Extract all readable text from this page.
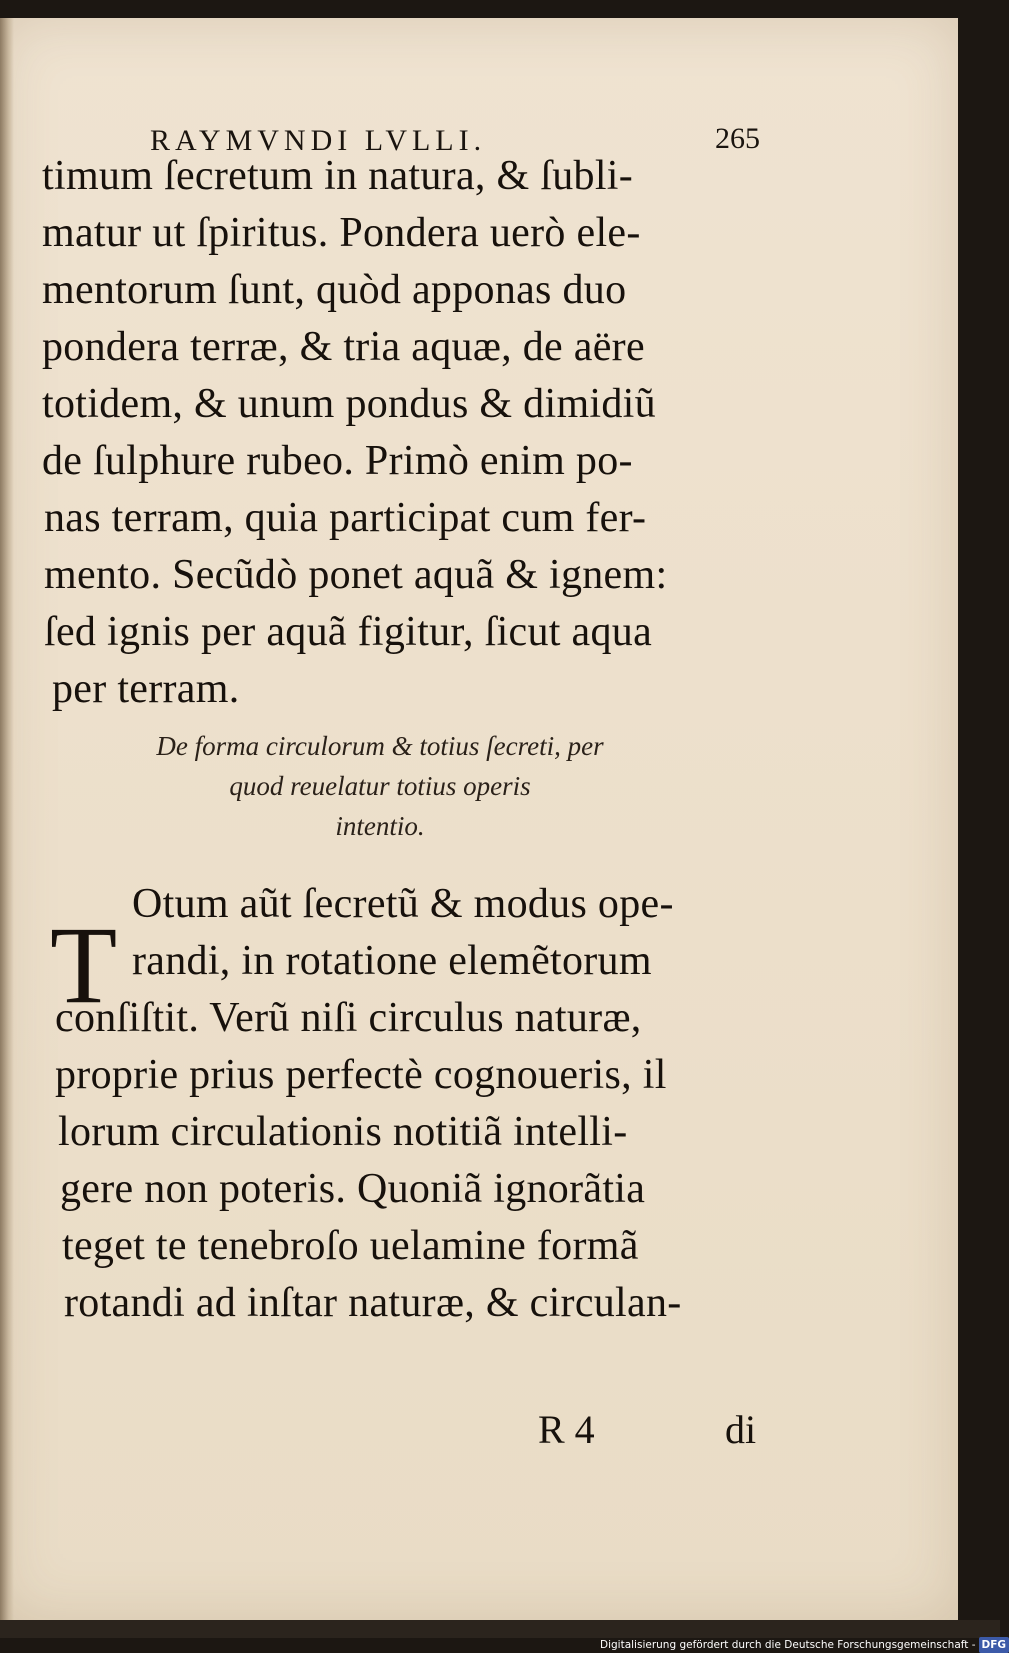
RAYMVNDI LVLLI.	265
timum ſecretum in natura, & ſubli-
matur ut ſpiritus. Pondera uerò ele-
mentorum ſunt, quòd apponas duo
pondera terræ, & tria aquæ, de aëre
totidem, & unum pondus & dimidiũ
de ſulphure rubeo. Primò enim po-
nas terram, quia participat cum fer-
mento. Secũdò ponet aquã & ignem:
ſed ignis per aquã figitur, ſicut aqua
per terram.
De forma circulorum & totius ſecreti, per
quod reuelatur totius operis
intentio.
T Otum aũt ſecretũ & modus ope-
randi, in rotatione elemẽtorum
conſiſtit. Verũ niſi circulus naturæ,
proprie prius perfectè cognoueris, il
lorum circulationis notitiã intelli-
gere non poteris. Quoniã ignorãtia
teget te tenebroſo uelamine formã
rotandi ad inſtar naturæ, & circulan-
R 4	di
Digitalisierung gefördert durch die Deutsche Forschungsgemeinschaft - DFG
